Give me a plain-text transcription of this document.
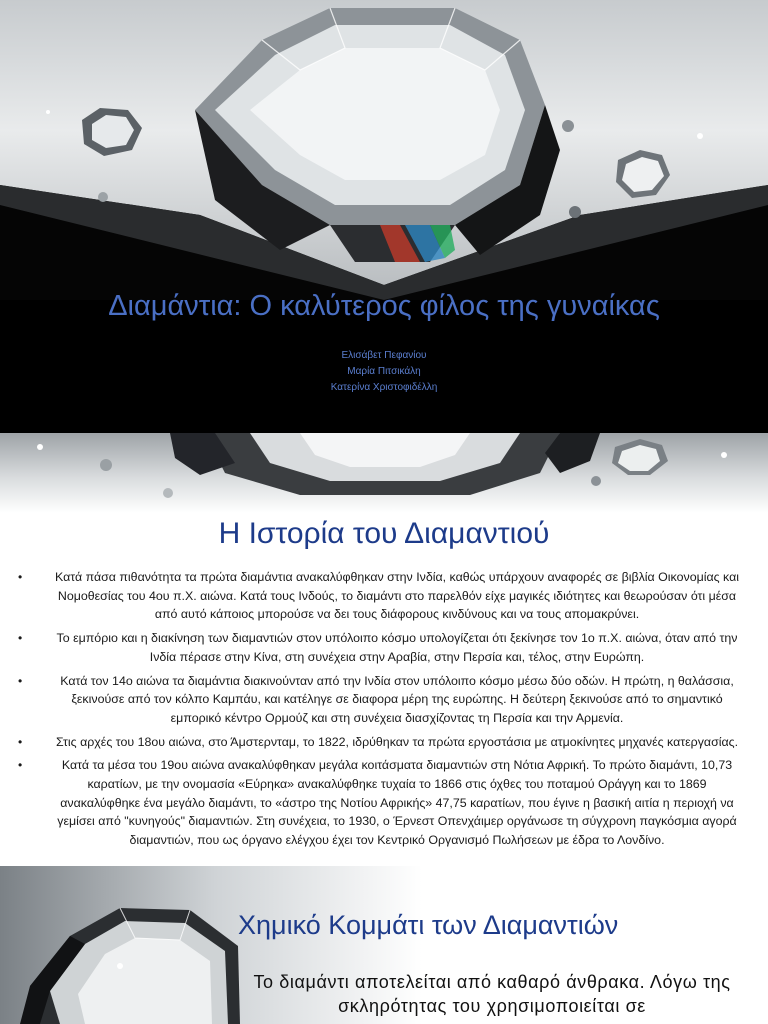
Διαμάντια: Ο καλύτερος φίλος της γυναίκας
Ελισάβετ Πεφανίου
Μαρία Πιτσικάλη
Κατερίνα Χριστοφιδέλλη
Η Ιστορία του Διαμαντιού
•	Κατά πάσα πιθανότητα τα πρώτα διαμάντια ανακαλύφθηκαν στην Ινδία, καθώς υπάρχουν αναφορές σε βιβλία Οικονομίας και Νομοθεσίας του 4ου π.Χ. αιώνα. Κατά τους Ινδούς, το διαμάντι στο παρελθόν είχε μαγικές ιδιότητες και θεωρούσαν ότι μέσα από αυτό κάποιος μπορούσε να δει τους διάφορους κινδύνους και να τους απομακρύνει.
•	Το εμπόριο και η διακίνηση των διαμαντιών στον υπόλοιπο κόσμο υπολογίζεται ότι ξεκίνησε τον 1ο π.Χ. αιώνα, όταν από την Ινδία πέρασε στην Κίνα, στη συνέχεια στην Αραβία, στην Περσία και, τέλος, στην Ευρώπη.
•	Κατά τον 14ο αιώνα τα διαμάντια διακινούνταν από την Ινδία στον υπόλοιπο κόσμο μέσω δύο οδών. Η πρώτη, η θαλάσσια, ξεκινούσε από τον κόλπο Καμπάυ, και κατέληγε σε διαφορα μέρη της ευρώπης. Η δεύτερη ξεκινούσε από το σημαντικό εμπορικό κέντρο Ορμούζ και στη συνέχεια διασχίζοντας τη Περσία και την Αρμενία.
•	Στις αρχές του 18ου αιώνα, στο Άμστερνταμ, το 1822, ιδρύθηκαν τα πρώτα εργοστάσια με ατμοκίνητες μηχανές κατεργασίας.
•	Κατά τα μέσα του 19ου αιώνα ανακαλύφθηκαν μεγάλα κοιτάσματα διαμαντιών στη Νότια Αφρική. Το πρώτο διαμάντι, 10,73 καρατίων, με την ονομασία «Εύρηκα» ανακαλύφθηκε τυχαία το 1866 στις όχθες του ποταμού Οράγγη και το 1869 ανακαλύφθηκε ένα μεγάλο διαμάντι, το «άστρο της Νοτίου Αφρικής» 47,75 καρατίων, που έγινε η βασική αιτία η περιοχή να γεμίσει από "κυνηγούς" διαμαντιών. Στη συνέχεια, το 1930, ο Έρνεστ Οπενχάιμερ οργάνωσε τη σύγχρονη παγκόσμια αγορά διαμαντιών, που ως όργανο ελέγχου έχει τον Κεντρικό Οργανισμό Πωλήσεων με έδρα το Λονδίνο.
Χημικό Κομμάτι των Διαμαντιών
Το διαμάντι αποτελείται από καθαρό άνθρακα. Λόγω της σκληρότητας του χρησιμοποιείται σε
